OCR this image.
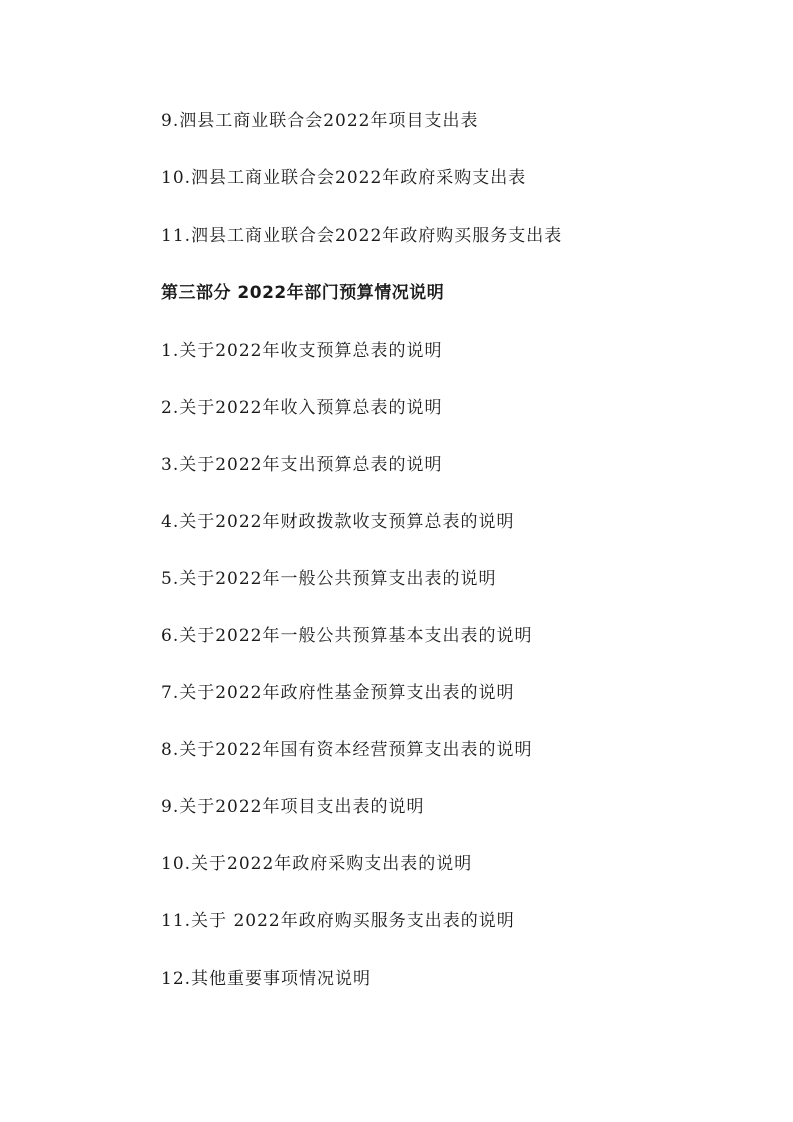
9.泗县工商业联合会2022年项目支出表
10.泗县工商业联合会2022年政府采购支出表
11.泗县工商业联合会2022年政府购买服务支出表
第三部分 2022年部门预算情况说明
1.关于2022年收支预算总表的说明
2.关于2022年收入预算总表的说明
3.关于2022年支出预算总表的说明
4.关于2022年财政拨款收支预算总表的说明
5.关于2022年一般公共预算支出表的说明
6.关于2022年一般公共预算基本支出表的说明
7.关于2022年政府性基金预算支出表的说明
8.关于2022年国有资本经营预算支出表的说明
9.关于2022年项目支出表的说明
10.关于2022年政府采购支出表的说明
11.关于 2022年政府购买服务支出表的说明
12.其他重要事项情况说明
